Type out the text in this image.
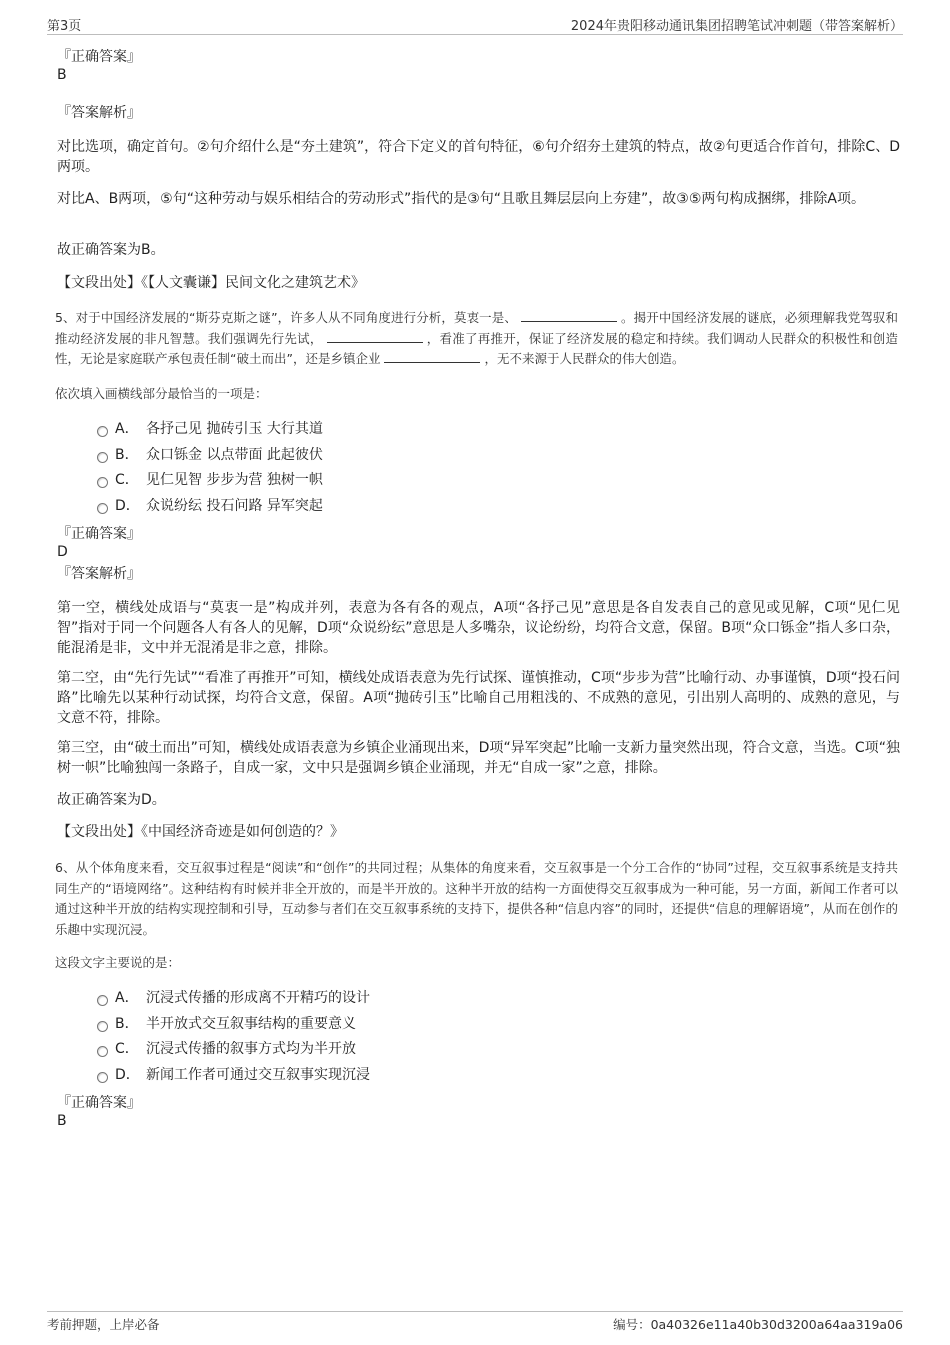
第3页	2024年贵阳移动通讯集团招聘笔试冲刺题（带答案解析）
『正确答案』
B
『答案解析』
对比选项，确定首句。②句介绍什么是“夯土建筑”，符合下定义的首句特征，⑥句介绍夯土建筑的特点，故②句更适合作首句，排除C、D两项。
对比A、B两项，⑤句“这种劳动与娱乐相结合的劳动形式”指代的是③句“且歌且舞层层向上夯建”，故③⑤两句构成捆绑，排除A项。
故正确答案为B。
【文段出处】《【人文囊谦】民间文化之建筑艺术》
5、对于中国经济发展的“斯芬克斯之谜”，许多人从不同角度进行分析，莫衷一是、	。揭开中国经济发展的谜底，必须理解我党驾驭和推动经济发展的非凡智慧。我们强调先行先试，	，看准了再推开，保证了经济发展的稳定和持续。我们调动人民群众的积极性和创造性，无论是家庭联产承包责任制“破土而出”，还是乡镇企业	，无不来源于人民群众的伟大创造。
依次填入画横线部分最恰当的一项是：
A． 各抒己见 抛砖引玉 大行其道
B． 众口铄金 以点带面 此起彼伏
C． 见仁见智 步步为营 独树一帜
D． 众说纷纭 投石问路 异军突起
『正确答案』
D
『答案解析』
第一空，横线处成语与“莫衷一是”构成并列，表意为各有各的观点，A项“各抒己见”意思是各自发表自己的意见或见解，C项“见仁见智”指对于同一个问题各人有各人的见解，D项“众说纷纭”意思是人多嘴杂，议论纷纷，均符合文意，保留。B项“众口铄金”指人多口杂，能混淆是非，文中并无混淆是非之意，排除。
第二空，由“先行先试”“看准了再推开”可知，横线处成语表意为先行试探、谨慎推动，C项“步步为营”比喻行动、办事谨慎，D项“投石问路”比喻先以某种行动试探，均符合文意，保留。A项“抛砖引玉”比喻自己用粗浅的、不成熟的意见，引出别人高明的、成熟的意见，与文意不符，排除。
第三空，由“破土而出”可知，横线处成语表意为乡镇企业涌现出来，D项“异军突起”比喻一支新力量突然出现，符合文意，当选。C项“独树一帜”比喻独闯一条路子，自成一家，文中只是强调乡镇企业涌现，并无“自成一家”之意，排除。
故正确答案为D。
【文段出处】《中国经济奇迹是如何创造的？》
6、从个体角度来看，交互叙事过程是“阅读”和“创作”的共同过程；从集体的角度来看，交互叙事是一个分工合作的“协同”过程，交互叙事系统是支持共同生产的“语境网络”。这种结构有时候并非全开放的，而是半开放的。这种半开放的结构一方面使得交互叙事成为一种可能，另一方面，新闻工作者可以通过这种半开放的结构实现控制和引导，互动参与者们在交互叙事系统的支持下，提供各种“信息内容”的同时，还提供“信息的理解语境”，从而在创作的乐趣中实现沉浸。
这段文字主要说的是：
A． 沉浸式传播的形成离不开精巧的设计
B． 半开放式交互叙事结构的重要意义
C． 沉浸式传播的叙事方式均为半开放
D． 新闻工作者可通过交互叙事实现沉浸
『正确答案』
B
考前押题，上岸必备	编号：0a40326e11a40b30d3200a64aa319a06
